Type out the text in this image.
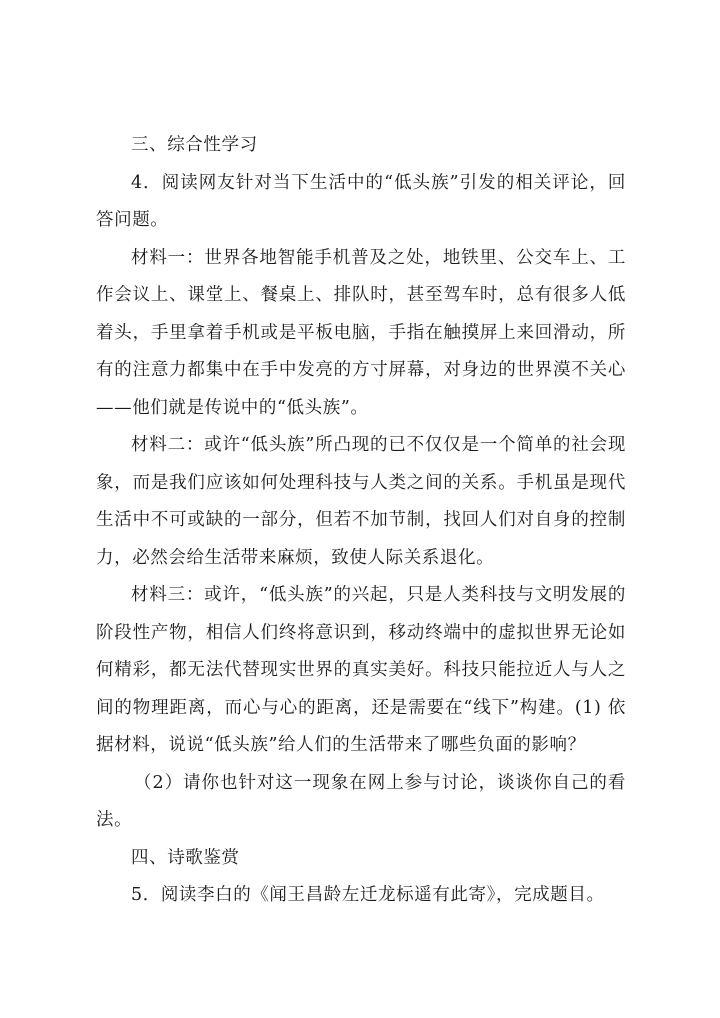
三、综合性学习

4．阅读网友针对当下生活中的“低头族”引发的相关评论，回答问题。

材料一：世界各地智能手机普及之处，地铁里、公交车上、工作会议上、课堂上、餐桌上、排队时，甚至驾车时，总有很多人低着头，手里拿着手机或是平板电脑，手指在触摸屏上来回滑动，所有的注意力都集中在手中发亮的方寸屏幕，对身边的世界漠不关心——他们就是传说中的“低头族”。

材料二：或许“低头族”所凸现的已不仅仅是一个简单的社会现象，而是我们应该如何处理科技与人类之间的关系。手机虽是现代生活中不可或缺的一部分，但若不加节制，找回人们对自身的控制力，必然会给生活带来麻烦，致使人际关系退化。

材料三：或许，“低头族”的兴起，只是人类科技与文明发展的阶段性产物，相信人们终将意识到，移动终端中的虚拟世界无论如何精彩，都无法代替现实世界的真实美好。科技只能拉近人与人之间的物理距离，而心与心的距离，还是需要在“线下”构建。(1) 依据材料，说说“低头族”给人们的生活带来了哪些负面的影响？

（2）请你也针对这一现象在网上参与讨论，谈谈你自己的看法。

四、诗歌鉴赏

5．阅读李白的《闻王昌龄左迁龙标遥有此寄》，完成题目。
